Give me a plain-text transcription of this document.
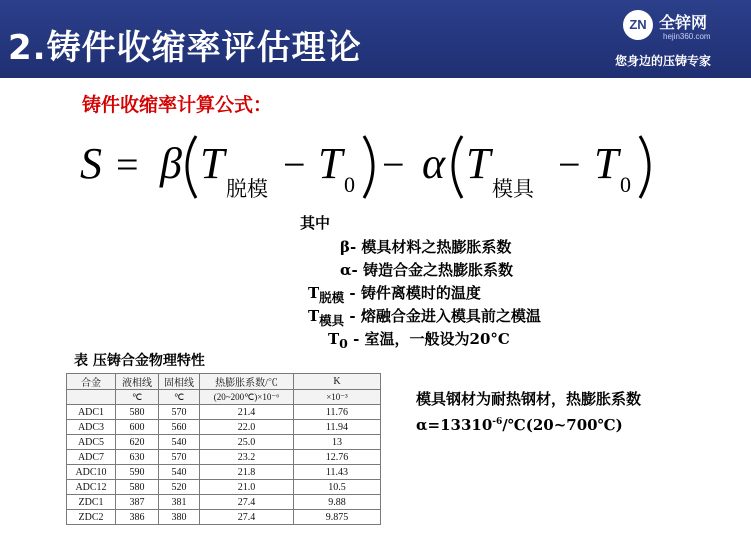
2.铸件收缩率评估理论
ZN 全锌网
hejin360.com
您身边的压铸专家
铸件收缩率计算公式：
S = β T
脱模
− T 0 − α T
模具
− T 0
其中
β- 模具材料之热膨胀系数
α- 铸造合金之热膨胀系数
$T_{脱模}$ - 铸件离模时的温度
$T_{模具}$ - 熔融合金进入模具前之模温
$T_0$ - 室温，一般设为20°C
表 压铸合金物理特性
合金	液相线	固相线	热膨胀系数/℃	K
	℃	℃	(20~200℃)×10⁻⁶	×10⁻³
ADC1	580	570	21.4	11.76
ADC3	600	560	22.0	11.94
ADC5	620	540	25.0	13
ADC7	630	570	23.2	12.76
ADC10	590	540	21.8	11.43
ADC12	580	520	21.0	10.5
ZDC1	387	381	27.4	9.88
ZDC2	386	380	27.4	9.875
模具钢材为耐热钢材，热膨胀系数
$\alpha=13310^{-6}/℃(20\sim 700℃)$
